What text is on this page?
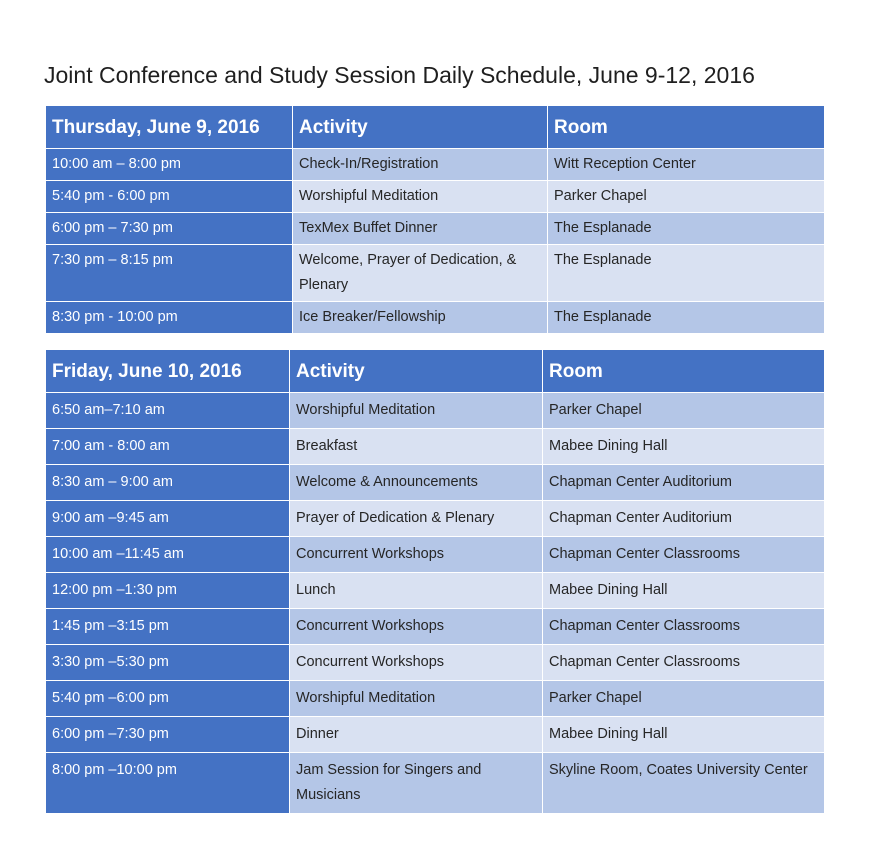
Joint Conference and Study Session Daily Schedule, June 9-12, 2016
Thursday, June 9, 2016	Activity	Room
10:00 am – 8:00 pm	Check-In/Registration	Witt Reception Center
5:40 pm - 6:00 pm	Worshipful Meditation	Parker Chapel
6:00 pm – 7:30 pm	TexMex Buffet Dinner	The Esplanade
7:30 pm – 8:15 pm	Welcome, Prayer of Dedication, & Plenary	The Esplanade
8:30 pm - 10:00 pm	Ice Breaker/Fellowship	The Esplanade
Friday, June 10, 2016	Activity	Room
6:50 am–7:10 am	Worshipful Meditation	Parker Chapel
7:00 am - 8:00 am	Breakfast	Mabee Dining Hall
8:30 am – 9:00 am	Welcome & Announcements	Chapman Center Auditorium
9:00 am –9:45 am	Prayer of Dedication & Plenary	Chapman Center Auditorium
10:00 am –11:45 am	Concurrent Workshops	Chapman Center Classrooms
12:00 pm –1:30 pm	Lunch	Mabee Dining Hall
1:45 pm –3:15 pm	Concurrent Workshops	Chapman Center Classrooms
3:30 pm –5:30 pm	Concurrent Workshops	Chapman Center Classrooms
5:40 pm –6:00 pm	Worshipful Meditation	Parker Chapel
6:00 pm –7:30 pm	Dinner	Mabee Dining Hall
8:00 pm –10:00 pm	Jam Session for Singers and Musicians	Skyline Room, Coates University Center
